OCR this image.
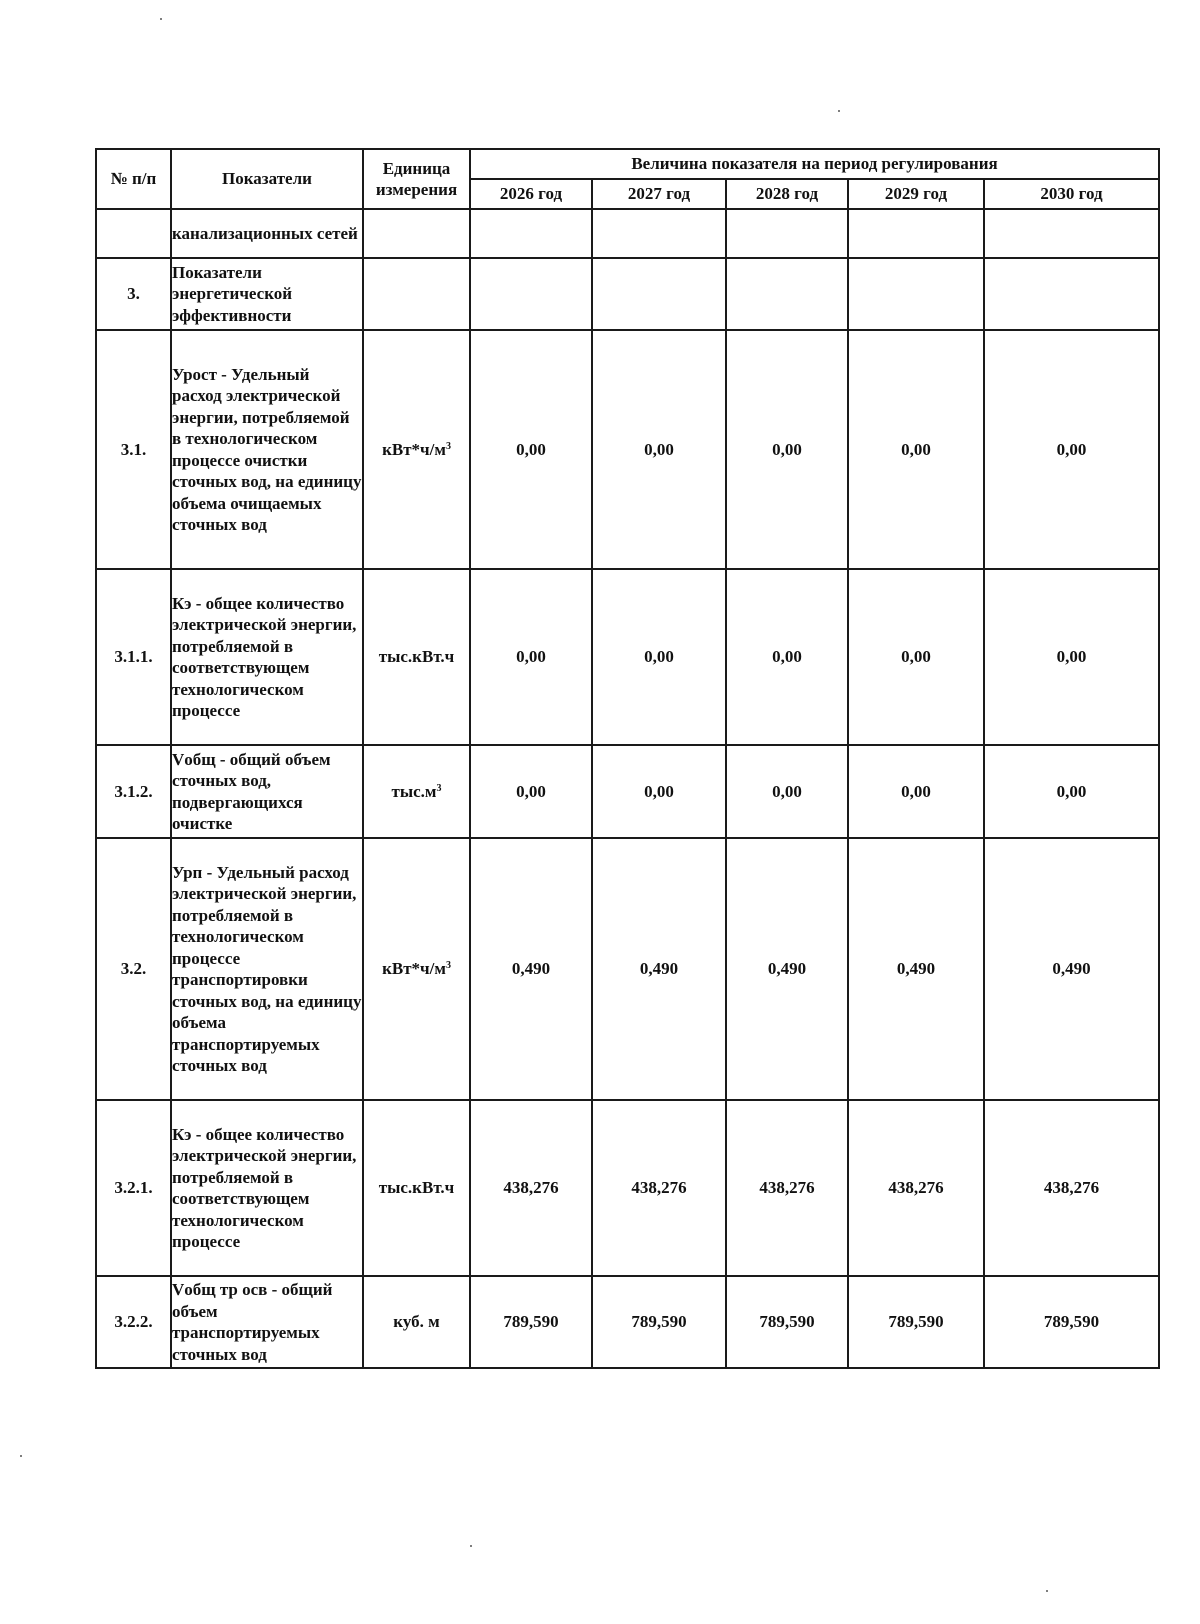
№ п/п	Показатели	Единица измерения	Величина показателя на период регулирования				
			2026 год	2027 год	2028 год	2029 год	2030 год
	канализационных сетей						
3.	Показатели энергетической эффективности						
3.1.	Урост - Удельный расход электрической энергии, потребляемой в технологическом процессе очистки сточных вод, на единицу объема очищаемых сточных вод	$кВт*ч/м^3$	0,00	0,00	0,00	0,00	0,00
3.1.1.	Кэ - общее количество электрической энергии, потребляемой в соответствующем технологическом процессе	тыс.кВт.ч	0,00	0,00	0,00	0,00	0,00
3.1.2.	Vобщ - общий объем сточных вод, подвергающихся очистке	$тыс.м^3$	0,00	0,00	0,00	0,00	0,00
3.2.	Урп - Удельный расход электрической энергии, потребляемой в технологическом процессе транспортировки сточных вод, на единицу объема транспортируемых сточных вод	$кВт*ч/м^3$	0,490	0,490	0,490	0,490	0,490
3.2.1.	Кэ - общее количество электрической энергии, потребляемой в соответствующем технологическом процессе	тыс.кВт.ч	438,276	438,276	438,276	438,276	438,276
3.2.2.	Vобщ тр осв - общий объем транспортируемых сточных вод	куб. м	789,590	789,590	789,590	789,590	789,590
